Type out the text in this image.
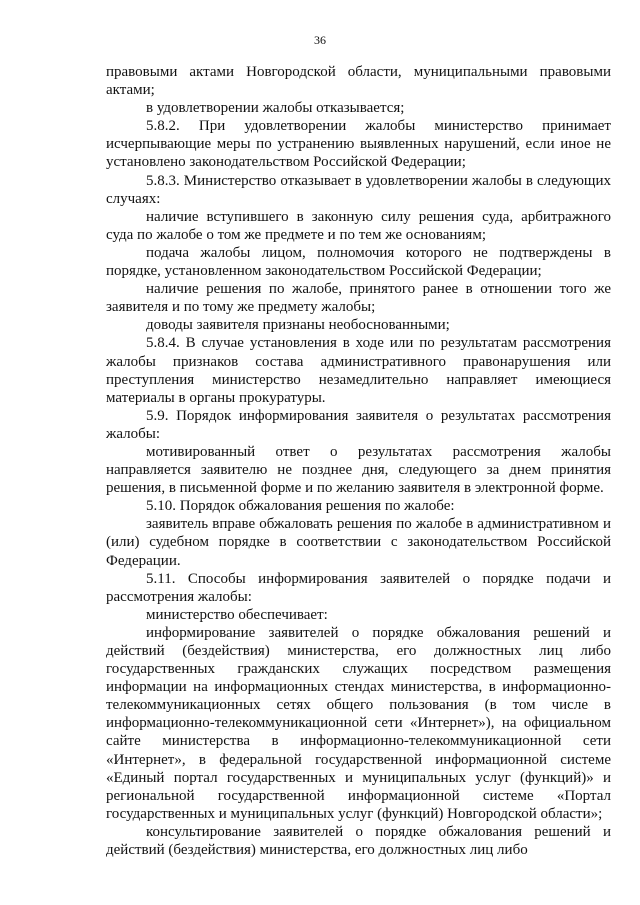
36

правовыми актами Новгородской области, муниципальными правовыми актами;

в удовлетворении жалобы отказывается;

5.8.2. При удовлетворении жалобы министерство принимает исчерпывающие меры по устранению выявленных нарушений, если иное не установлено законодательством Российской Федерации;

5.8.3. Министерство отказывает в удовлетворении жалобы в следующих случаях:

наличие вступившего в законную силу решения суда, арбитражного суда по жалобе о том же предмете и по тем же основаниям;

подача жалобы лицом, полномочия которого не подтверждены в порядке, установленном законодательством Российской Федерации;

наличие решения по жалобе, принятого ранее в отношении того же заявителя и по тому же предмету жалобы;

доводы заявителя признаны необоснованными;

5.8.4. В случае установления в ходе или по результатам рассмотрения жалобы признаков состава административного правонарушения или преступления министерство незамедлительно направляет имеющиеся материалы в органы прокуратуры.

5.9. Порядок информирования заявителя о результатах рассмотрения жалобы:

мотивированный ответ о результатах рассмотрения жалобы направляется заявителю не позднее дня, следующего за днем принятия решения, в письменной форме и по желанию заявителя в электронной форме.

5.10. Порядок обжалования решения по жалобе:

заявитель вправе обжаловать решения по жалобе в административном и (или) судебном порядке в соответствии с законодательством Российской Федерации.

5.11. Способы информирования заявителей о порядке подачи и рассмотрения жалобы:

министерство обеспечивает:

информирование заявителей о порядке обжалования решений и действий (бездействия) министерства, его должностных лиц либо государственных гражданских служащих посредством размещения информации на информационных стендах министерства, в информационно-телекоммуникационных сетях общего пользования (в том числе в информационно-телекоммуникационной сети «Интернет»), на официальном сайте министерства в информационно-телекоммуникационной сети «Интернет», в федеральной государственной информационной системе «Единый портал государственных и муниципальных услуг (функций)» и региональной государственной информационной системе «Портал государственных и муниципальных услуг (функций) Новгородской области»;

консультирование заявителей о порядке обжалования решений и действий (бездействия) министерства, его должностных лиц либо
